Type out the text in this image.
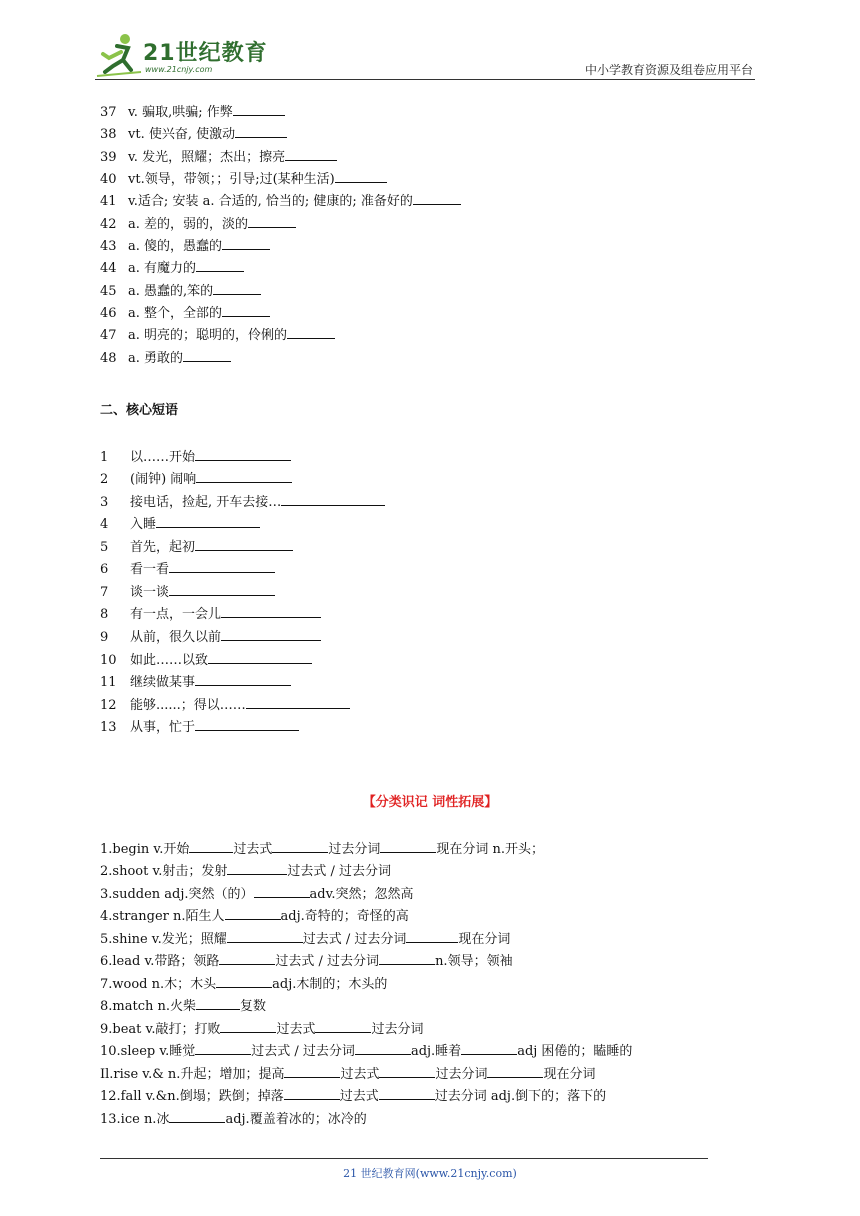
21世纪教育
www.21cnjy.com	中小学教育资源及组卷应用平台
37 v. 骗取,哄骗; 作弊
38 vt. 使兴奋, 使激动
39 v. 发光，照耀；杰出；擦亮
40 vt.领导，带领；；引导;过(某种生活)
41 v.适合; 安装 a. 合适的, 恰当的; 健康的; 准备好的
42 a. 差的，弱的，淡的
43 a. 傻的，愚蠢的
44 a. 有魔力的
45 a. 愚蠢的,笨的
46 a. 整个，全部的
47 a. 明亮的；聪明的，伶俐的
48 a. 勇敢的
二、核心短语
1 以……开始
2 (闹钟) 闹响
3 接电话，捡起, 开车去接…
4 入睡
5 首先，起初
6 看一看
7 谈一谈
8 有一点，一会儿
9 从前，很久以前
10 如此……以致
11 继续做某事
12 能够......；得以……
13 从事，忙于
【分类识记 词性拓展】
1.begin v.开始	过去式	过去分词	现在分词 n.开头；
2.shoot v.射击；发射	过去式 / 过去分词
3.sudden adj.突然（的）	adv.突然；忽然高
4.stranger n.陌生人	adj.奇特的；奇怪的高
5.shine v.发光；照耀	过去式 / 过去分词	现在分词
6.lead v.带路；领路	过去式 / 过去分词	n.领导；领袖
7.wood n.木；木头	adj.木制的；木头的
8.match n.火柴	复数
9.beat v.敲打；打败	过去式	过去分词
10.sleep v.睡觉	过去式 / 过去分词	adj.睡着	adj 困倦的；瞌睡的
Il.rise v.& n.升起；增加；提高	过去式	过去分词	现在分词
12.fall v.&n.倒塌；跌倒；掉落	过去式	过去分词 adj.倒下的；落下的
13.ice n.冰	adj.覆盖着冰的；冰冷的
21 世纪教育网(www.21cnjy.com)
